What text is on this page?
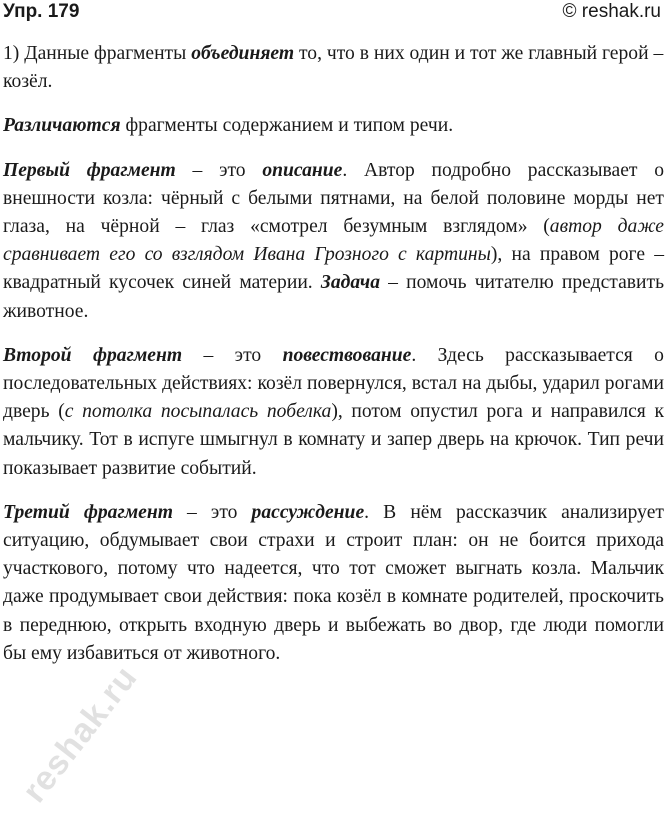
Упр. 179	© reshak.ru

1) Данные фрагменты объединяет то, что в них один и тот же главный герой – козёл.

Различаются фрагменты содержанием и типом речи.

Первый фрагмент – это описание. Автор подробно рассказывает о внешности козла: чёрный с белыми пятнами, на белой половине морды нет глаза, на чёрной – глаз «смотрел безумным взглядом» (автор даже сравнивает его со взглядом Ивана Грозного с картины), на правом роге – квадратный кусочек синей материи. Задача – помочь читателю представить животное.

Второй фрагмент – это повествование. Здесь рассказывается о последовательных действиях: козёл повернулся, встал на дыбы, ударил рогами дверь (с потолка посыпалась побелка), потом опустил рога и направился к мальчику. Тот в испуге шмыгнул в комнату и запер дверь на крючок. Тип речи показывает развитие событий.

Третий фрагмент – это рассуждение. В нём рассказчик анализирует ситуацию, обдумывает свои страхи и строит план: он не боится прихода участкового, потому что надеется, что тот сможет выгнать козла. Мальчик даже продумывает свои действия: пока козёл в комнате родителей, проскочить в переднюю, открыть входную дверь и выбежать во двор, где люди помогли бы ему избавиться от животного.

reshak.ru
